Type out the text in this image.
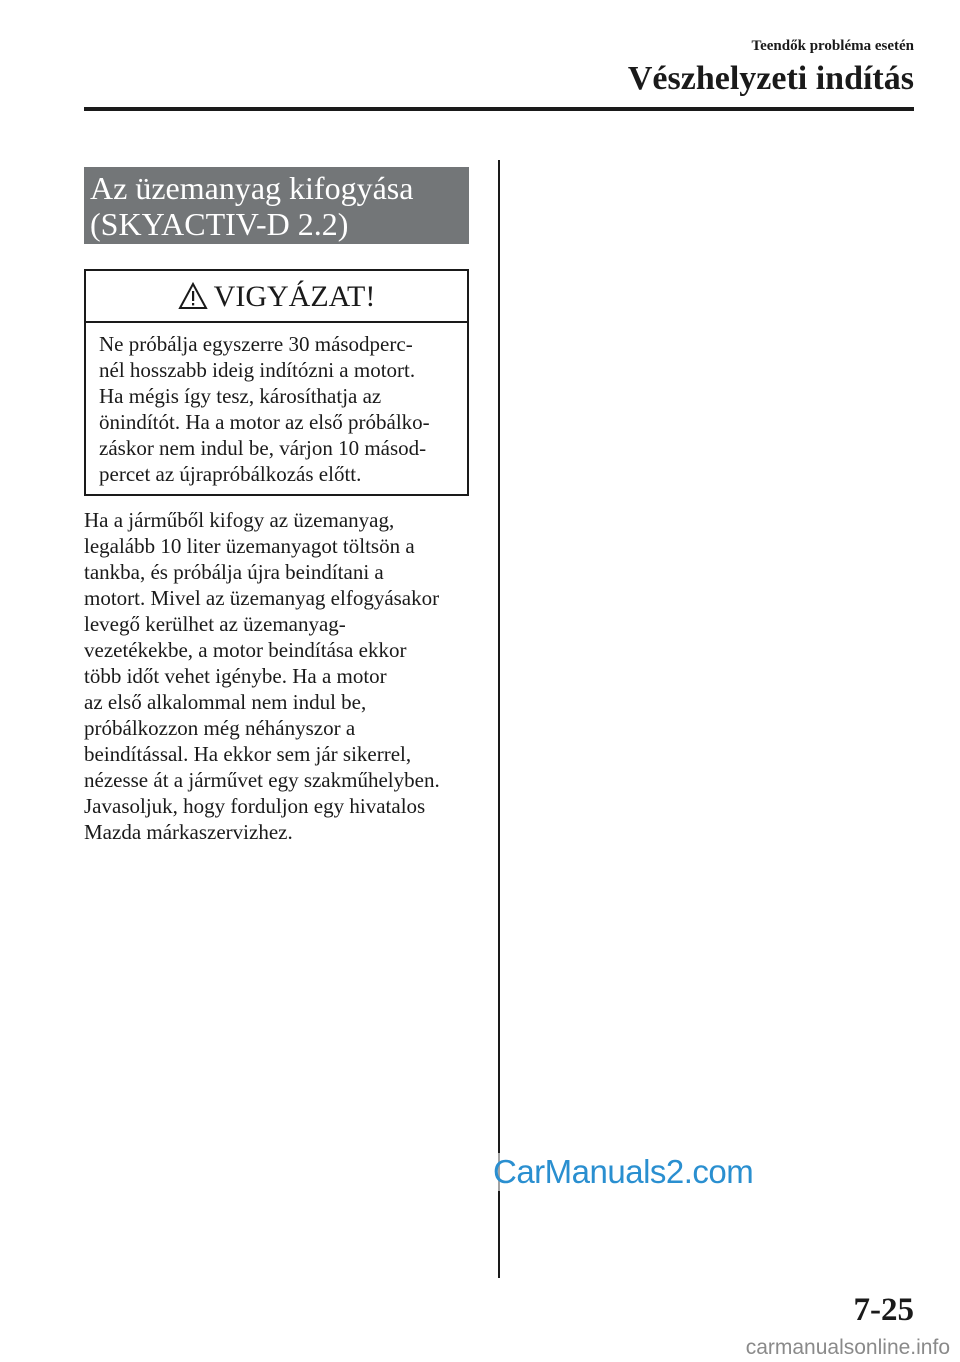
Teendők probléma esetén
Vészhelyzeti indítás
Az üzemanyag kifogyása
(SKYACTIV-D 2.2)
VIGYÁZAT!
Ne próbálja egyszerre 30 másodperc-
nél hosszabb ideig indítózni a motort.
Ha mégis így tesz, károsíthatja az
önindítót. Ha a motor az első próbálko-
záskor nem indul be, várjon 10 másod-
percet az újrapróbálkozás előtt.
Ha a járműből kifogy az üzemanyag,
legalább 10 liter üzemanyagot töltsön a
tankba, és próbálja újra beindítani a
motort. Mivel az üzemanyag elfogyásakor
levegő kerülhet az üzemanyag-
vezetékekbe, a motor beindítása ekkor
több időt vehet igénybe. Ha a motor
az első alkalommal nem indul be,
próbálkozzon még néhányszor a
beindítással. Ha ekkor sem jár sikerrel,
nézesse át a járművet egy szakműhelyben.
Javasoljuk, hogy forduljon egy hivatalos
Mazda márkaszervizhez.
CarManuals2.com
7-25
carmanualsonline.info
